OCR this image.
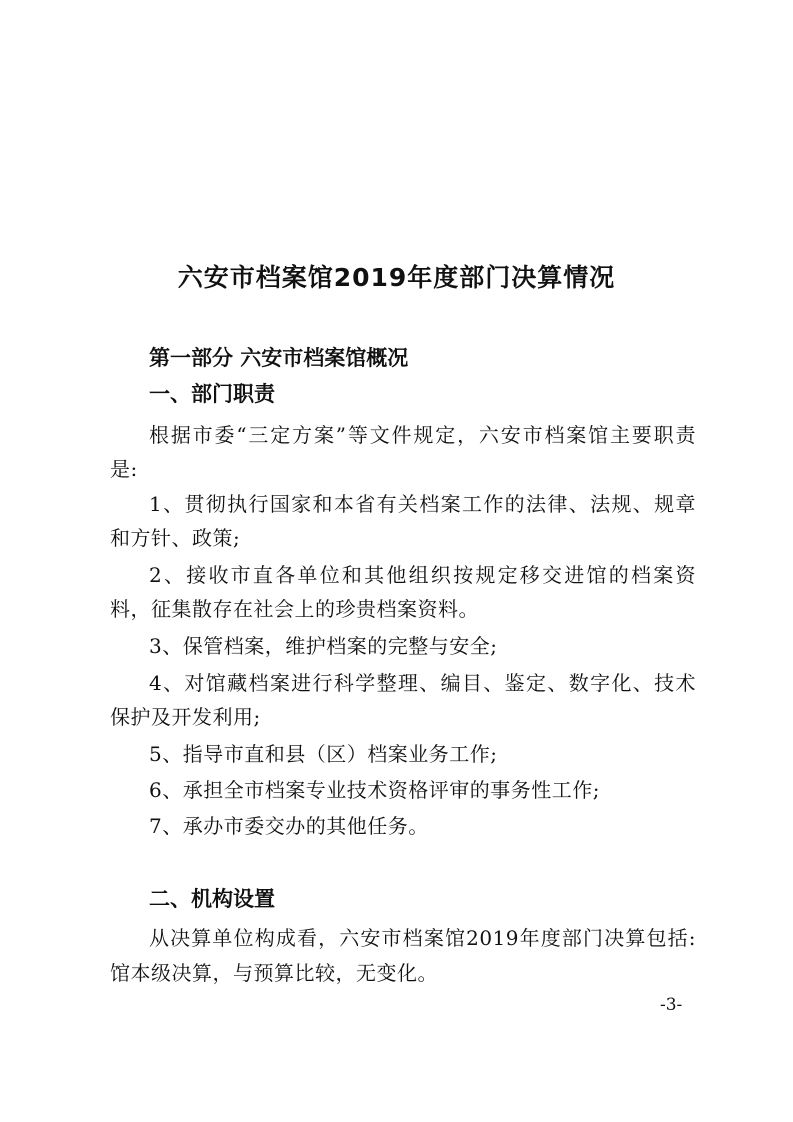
六安市档案馆2019年度部门决算情况
第一部分 六安市档案馆概况
一、部门职责
根据市委“三定方案”等文件规定，六安市档案馆主要职责
是:
1、贯彻执行国家和本省有关档案工作的法律、法规、规章
和方针、政策;
2、接收市直各单位和其他组织按规定移交进馆的档案资
料，征集散存在社会上的珍贵档案资料。
3、保管档案，维护档案的完整与安全;
4、对馆藏档案进行科学整理、编目、鉴定、数字化、技术
保护及开发利用;
5、指导市直和县（区）档案业务工作;
6、承担全市档案专业技术资格评审的事务性工作;
7、承办市委交办的其他任务。
二、机构设置
从决算单位构成看，六安市档案馆2019年度部门决算包括:
馆本级决算，与预算比较，无变化。
-3-
